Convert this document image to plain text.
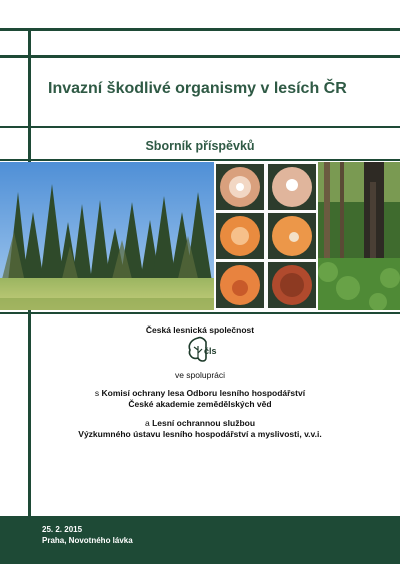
Invazní škodlivé organismy v lesích ČR
Sborník příspěvků
Česká lesnická společnost
čls
ve spolupráci
s Komisí ochrany lesa Odboru lesního hospodářství
České akademie zemědělských věd
a Lesní ochrannou službou
Výzkumného ústavu lesního hospodářství a myslivosti, v.v.i.
25. 2. 2015
Praha, Novotného lávka
